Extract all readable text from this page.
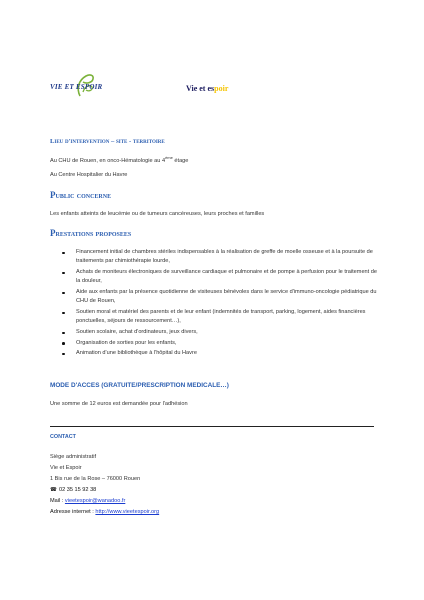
VIE ET ESPOIR	Vie et espoir
Lieu d'intervention – site - territoire
Au CHU de Rouen, en onco-Hématologie au 4ème étage
Au Centre Hospitalier du Havre
Public concerne
Les enfants atteints de leucémie ou de tumeurs cancéreuses, leurs proches et familles
Prestations proposees
Financement initial de chambres stériles indispensables à la réalisation de greffe de moelle osseuse et à la poursuite de traitements par chimiothérapie lourde,
Achats de moniteurs électroniques de surveillance cardiaque et pulmonaire et de pompe à perfusion pour le traitement de la douleur,
Aide aux enfants par la présence quotidienne de visiteuses bénévoles dans le service d'immuno-oncologie pédiatrique du CHU de Rouen,
Soutien moral et matériel des parents et de leur enfant (indemnités de transport, parking, logement, aides financières ponctuelles, séjours de ressourcement…),
Soutien scolaire, achat d'ordinateurs, jeux divers,
Organisation de sorties pour les enfants,
Animation d'une bibliothèque à l'hôpital du Havre
MODE D'ACCES (GRATUITE/PRESCRIPTION MEDICALE…)
Une somme de 12 euros est demandée pour l'adhésion
CONTACT
Siège administratif
Vie et Espoir
1 Bis rue de la Rose – 76000 Rouen
☎ 02 35 15 92 38
Mail : vieetespoir@wanadoo.fr
Adresse internet : http://www.vieetespoir.org
